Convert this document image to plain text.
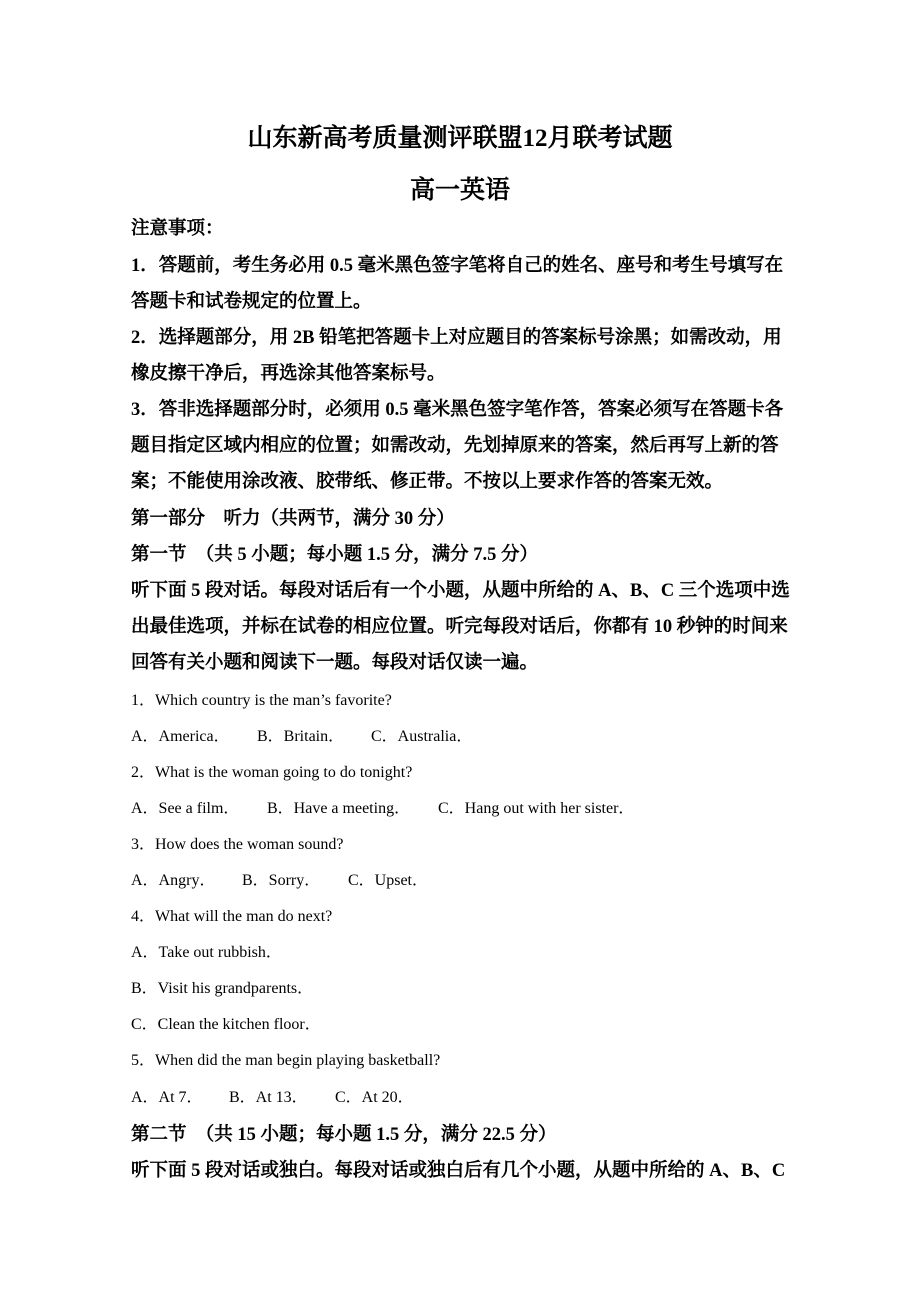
山东新高考质量测评联盟12月联考试题
高一英语
注意事项：
1．答题前，考生务必用 0.5 毫米黑色签字笔将自己的姓名、座号和考生号填写在
答题卡和试卷规定的位置上。
2．选择题部分，用 2B 铅笔把答题卡上对应题目的答案标号涂黑；如需改动，用
橡皮擦干净后，再选涂其他答案标号。
3．答非选择题部分时，必须用 0.5 毫米黑色签字笔作答，答案必须写在答题卡各
题目指定区域内相应的位置；如需改动，先划掉原来的答案，然后再写上新的答
案；不能使用涂改液、胶带纸、修正带。不按以上要求作答的答案无效。
第一部分　听力（共两节，满分 30 分）
第一节　（共 5 小题；每小题 1.5 分，满分 7.5 分）
听下面 5 段对话。每段对话后有一个小题，从题中所给的 A、B、C 三个选项中选
出最佳选项，并标在试卷的相应位置。听完每段对话后，你都有 10 秒钟的时间来
回答有关小题和阅读下一题。每段对话仅读一遍。
1．Which country is the man’s favorite?
A．America． B．Britain． C．Australia．
2．What is the woman going to do tonight?
A．See a film． B．Have a meeting． C．Hang out with her sister．
3．How does the woman sound?
A．Angry． B．Sorry． C．Upset．
4．What will the man do next?
A．Take out rubbish．
B．Visit his grandparents．
C．Clean the kitchen floor．
5．When did the man begin playing basketball?
A．At 7． B．At 13． C．At 20．
第二节　（共 15 小题；每小题 1.5 分，满分 22.5 分）
听下面 5 段对话或独白。每段对话或独白后有几个小题，从题中所给的 A、B、C
